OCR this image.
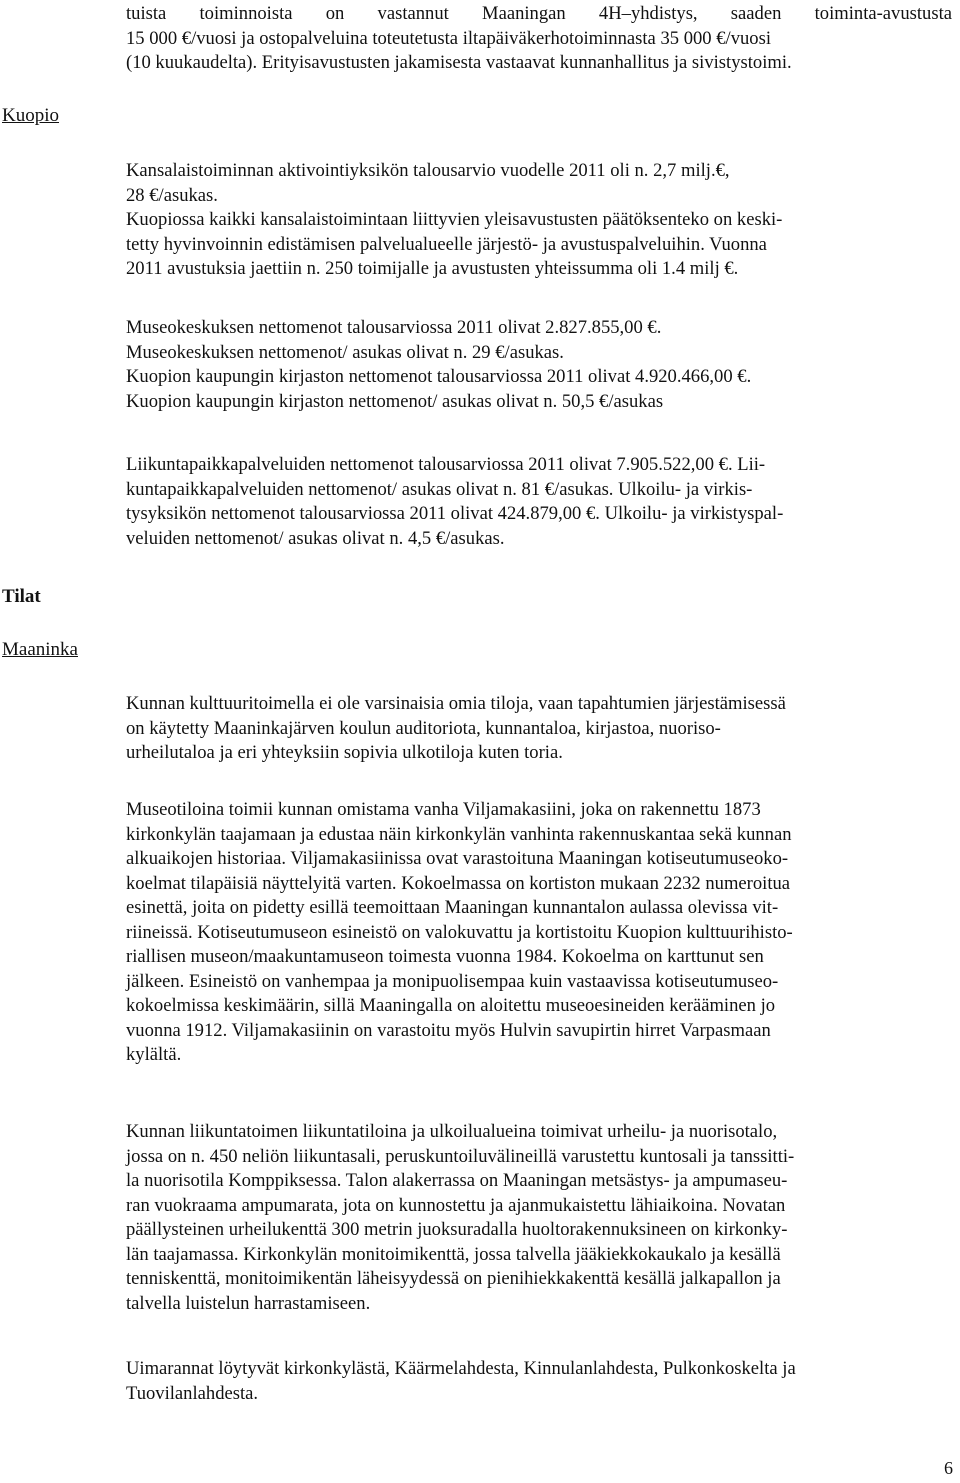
tuista toiminnoista on vastannut Maaningan 4H–yhdistys, saaden toiminta-avustusta
15 000 €/vuosi ja ostopalveluina toteutetusta iltapäiväkerhotoiminnasta 35 000 €/vuosi
(10 kuukaudelta). Erityisavustusten jakamisesta vastaavat kunnanhallitus ja sivistystoimi.
Kuopio
Kansalaistoiminnan aktivointiyksikön talousarvio vuodelle 2011 oli n. 2,7 milj.€,
28 €/asukas.
Kuopiossa kaikki kansalaistoimintaan liittyvien yleisavustusten päätöksenteko on keski-
tetty hyvinvoinnin edistämisen palvelualueelle järjestö- ja avustuspalveluihin. Vuonna
2011 avustuksia jaettiin n. 250 toimijalle ja avustusten yhteissumma oli 1.4 milj €.
Museokeskuksen nettomenot talousarviossa 2011 olivat 2.827.855,00 €.
Museokeskuksen nettomenot/ asukas olivat n. 29 €/asukas.
Kuopion kaupungin kirjaston nettomenot talousarviossa 2011 olivat 4.920.466,00 €.
Kuopion kaupungin kirjaston nettomenot/ asukas olivat n. 50,5 €/asukas
Liikuntapaikkapalveluiden nettomenot talousarviossa 2011 olivat 7.905.522,00 €. Lii-
kuntapaikkapalveluiden nettomenot/ asukas olivat n. 81 €/asukas. Ulkoilu- ja virkis-
tysyksikön nettomenot talousarviossa 2011 olivat 424.879,00 €. Ulkoilu- ja virkistyspal-
veluiden nettomenot/ asukas olivat n. 4,5 €/asukas.
Tilat
Maaninka
Kunnan kulttuuritoimella ei ole varsinaisia omia tiloja, vaan tapahtumien järjestämisessä
on käytetty Maaninkajärven koulun auditoriota, kunnantaloa, kirjastoa, nuoriso-
urheilutaloa ja eri yhteyksiin sopivia ulkotiloja kuten toria.
Museotiloina toimii kunnan omistama vanha Viljamakasiini, joka on rakennettu 1873
kirkonkylän taajamaan ja edustaa näin kirkonkylän vanhinta rakennuskantaa sekä kunnan
alkuaikojen historiaa. Viljamakasiinissa ovat varastoituna Maaningan kotiseutumuseoko-
koelmat tilapäisiä näyttelyitä varten. Kokoelmassa on kortiston mukaan 2232 numeroitua
esinettä, joita on pidetty esillä teemoittaan Maaningan kunnantalon aulassa olevissa vit-
riineissä. Kotiseutumuseon esineistö on valokuvattu ja kortistoitu Kuopion kulttuurihisto-
riallisen museon/maakuntamuseon toimesta vuonna 1984. Kokoelma on karttunut sen
jälkeen. Esineistö on vanhempaa ja monipuolisempaa kuin vastaavissa kotiseutumuseo-
kokoelmissa keskimäärin, sillä Maaningalla on aloitettu museoesineiden kerääminen jo
vuonna 1912. Viljamakasiinin on varastoitu myös Hulvin savupirtin hirret Varpasmaan
kylältä.
Kunnan liikuntatoimen liikuntatiloina ja ulkoilualueina toimivat urheilu- ja nuorisotalo,
jossa on n. 450 neliön liikuntasali, peruskuntoiluvälineillä varustettu kuntosali ja tanssitti-
la nuorisotila Komppiksessa. Talon alakerrassa on Maaningan metsästys- ja ampumaseu-
ran vuokraama ampumarata, jota on kunnostettu ja ajanmukaistettu lähiaikoina. Novatan
päällysteinen urheilukenttä 300 metrin juoksuradalla huoltorakennuksineen on kirkonky-
län taajamassa. Kirkonkylän monitoimikenttä, jossa talvella jääkiekkokaukalo ja kesällä
tenniskenttä, monitoimikentän läheisyydessä on pienihiekkakenttä kesällä jalkapallon ja
talvella luistelun harrastamiseen.
Uimarannat löytyvät kirkonkylästä, Käärmelahdesta, Kinnulanlahdesta, Pulkonkoskelta ja
Tuovilanlahdesta.
6
